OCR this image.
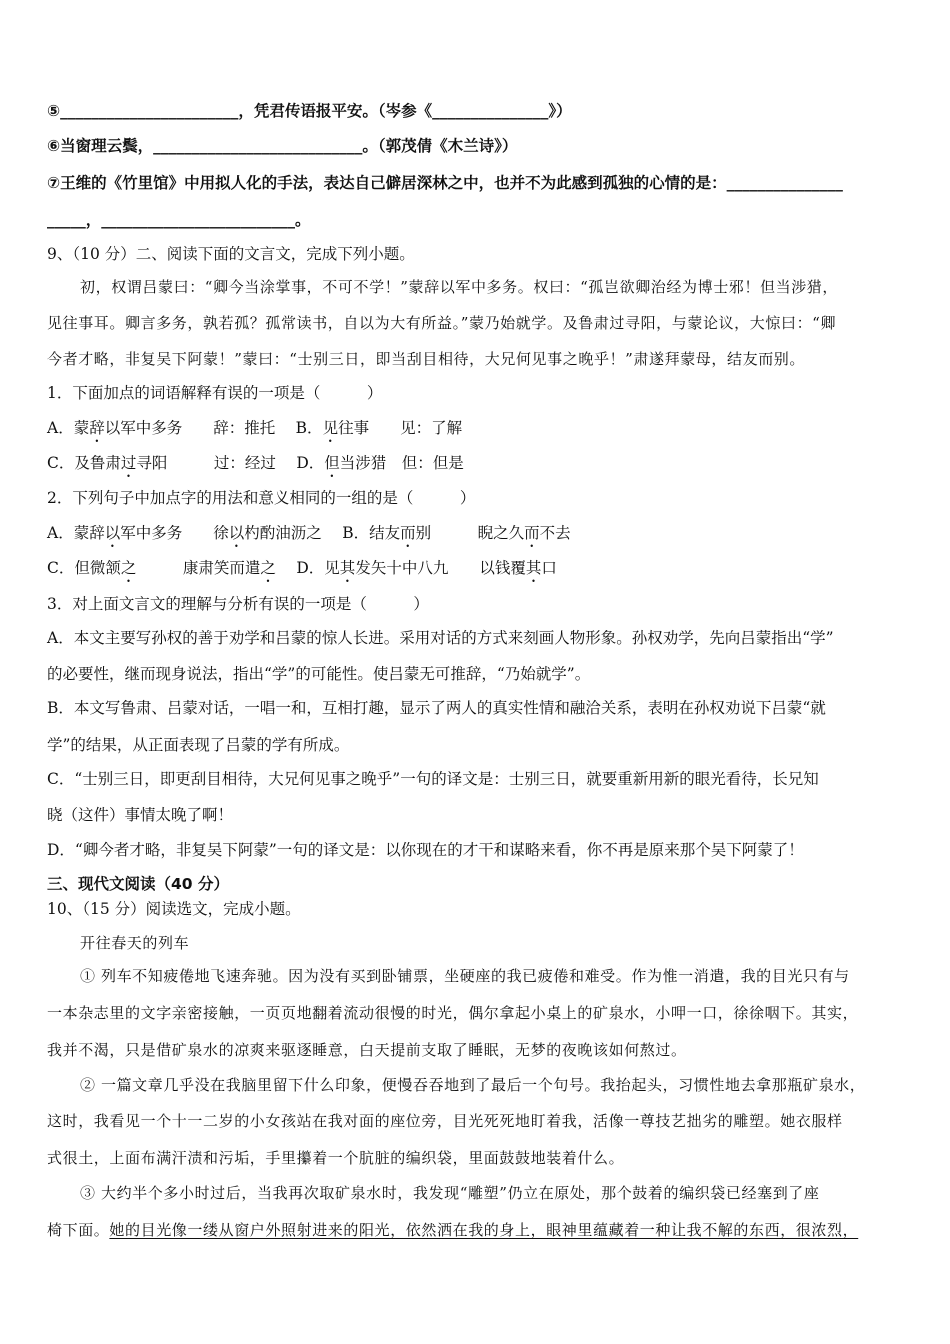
⑤_______________________，凭君传语报平安。（岑参《_______________》）
⑥当窗理云鬓，___________________________。（郭茂倩《木兰诗》）
⑦王维的《竹里馆》中用拟人化的手法，表达自己僻居深林之中，也并不为此感到孤独的心情的是：_______________
_____，_________________________。
9、（10 分）二、阅读下面的文言文，完成下列小题。
初，权谓吕蒙曰：“卿今当涂掌事，不可不学！”蒙辞以军中多务。权曰：“孤岂欲卿治经为博士邪！但当涉猎，
见往事耳。卿言多务，孰若孤？孤常读书，自以为大有所益。”蒙乃始就学。及鲁肃过寻阳，与蒙论议，大惊曰：“卿
今者才略，非复吴下阿蒙！”蒙曰：“士别三日，即当刮目相待，大兄何见事之晚乎！”肃遂拜蒙母，结友而别。
1．下面加点的词语解释有误的一项是（　　　）
A．蒙辞以军中多务　　辞：推托 　 B．见往事　　见：了解
C．及鲁肃过寻阳　　　过：经过 　 D．但当涉猎　但：但是
2．下列句子中加点字的用法和意义相同的一组的是（　　　）
A．蒙辞以军中多务　　徐以杓酌油沥之 　 B．结友而别　　　睨之久而不去
C．但微颔之　　　康肃笑而遣之 　 D．见其发矢十中八九　　以钱覆其口
3．对上面文言文的理解与分析有误的一项是（　　　）
A．本文主要写孙权的善于劝学和吕蒙的惊人长进。采用对话的方式来刻画人物形象。孙权劝学，先向吕蒙指出“学”
的必要性，继而现身说法，指出“学”的可能性。使吕蒙无可推辞，“乃始就学”。
B．本文写鲁肃、吕蒙对话，一唱一和，互相打趣，显示了两人的真实性情和融洽关系，表明在孙权劝说下吕蒙“就
学”的结果，从正面表现了吕蒙的学有所成。
C．“士别三日，即更刮目相待，大兄何见事之晚乎”一句的译文是：士别三日，就要重新用新的眼光看待，长兄知
晓（这件）事情太晚了啊！
D．“卿今者才略，非复吴下阿蒙”一句的译文是：以你现在的才干和谋略来看，你不再是原来那个吴下阿蒙了！
三、现代文阅读（40 分）
10、（15 分）阅读选文，完成小题。
开往春天的列车
① 列车不知疲倦地飞速奔驰。因为没有买到卧铺票，坐硬座的我已疲倦和难受。作为惟一消遣，我的目光只有与
一本杂志里的文字亲密接触，一页页地翻着流动很慢的时光，偶尔拿起小桌上的矿泉水，小呷一口，徐徐咽下。其实，
我并不渴，只是借矿泉水的凉爽来驱逐睡意，白天提前支取了睡眠，无梦的夜晚该如何熬过。
② 一篇文章几乎没在我脑里留下什么印象，便慢吞吞地到了最后一个句号。我抬起头，习惯性地去拿那瓶矿泉水，
这时，我看见一个十一二岁的小女孩站在我对面的座位旁，目光死死地盯着我，活像一尊技艺拙劣的雕塑。她衣服样
式很土，上面布满汗渍和污垢，手里攥着一个肮脏的编织袋，里面鼓鼓地装着什么。
③ 大约半个多小时过后，当我再次取矿泉水时，我发现“雕塑”仍立在原处，那个鼓着的编织袋已经塞到了座
椅下面。她的目光像一缕从窗户外照射进来的阳光，依然洒在我的身上，眼神里蕴藏着一种让我不解的东西，很浓烈，
